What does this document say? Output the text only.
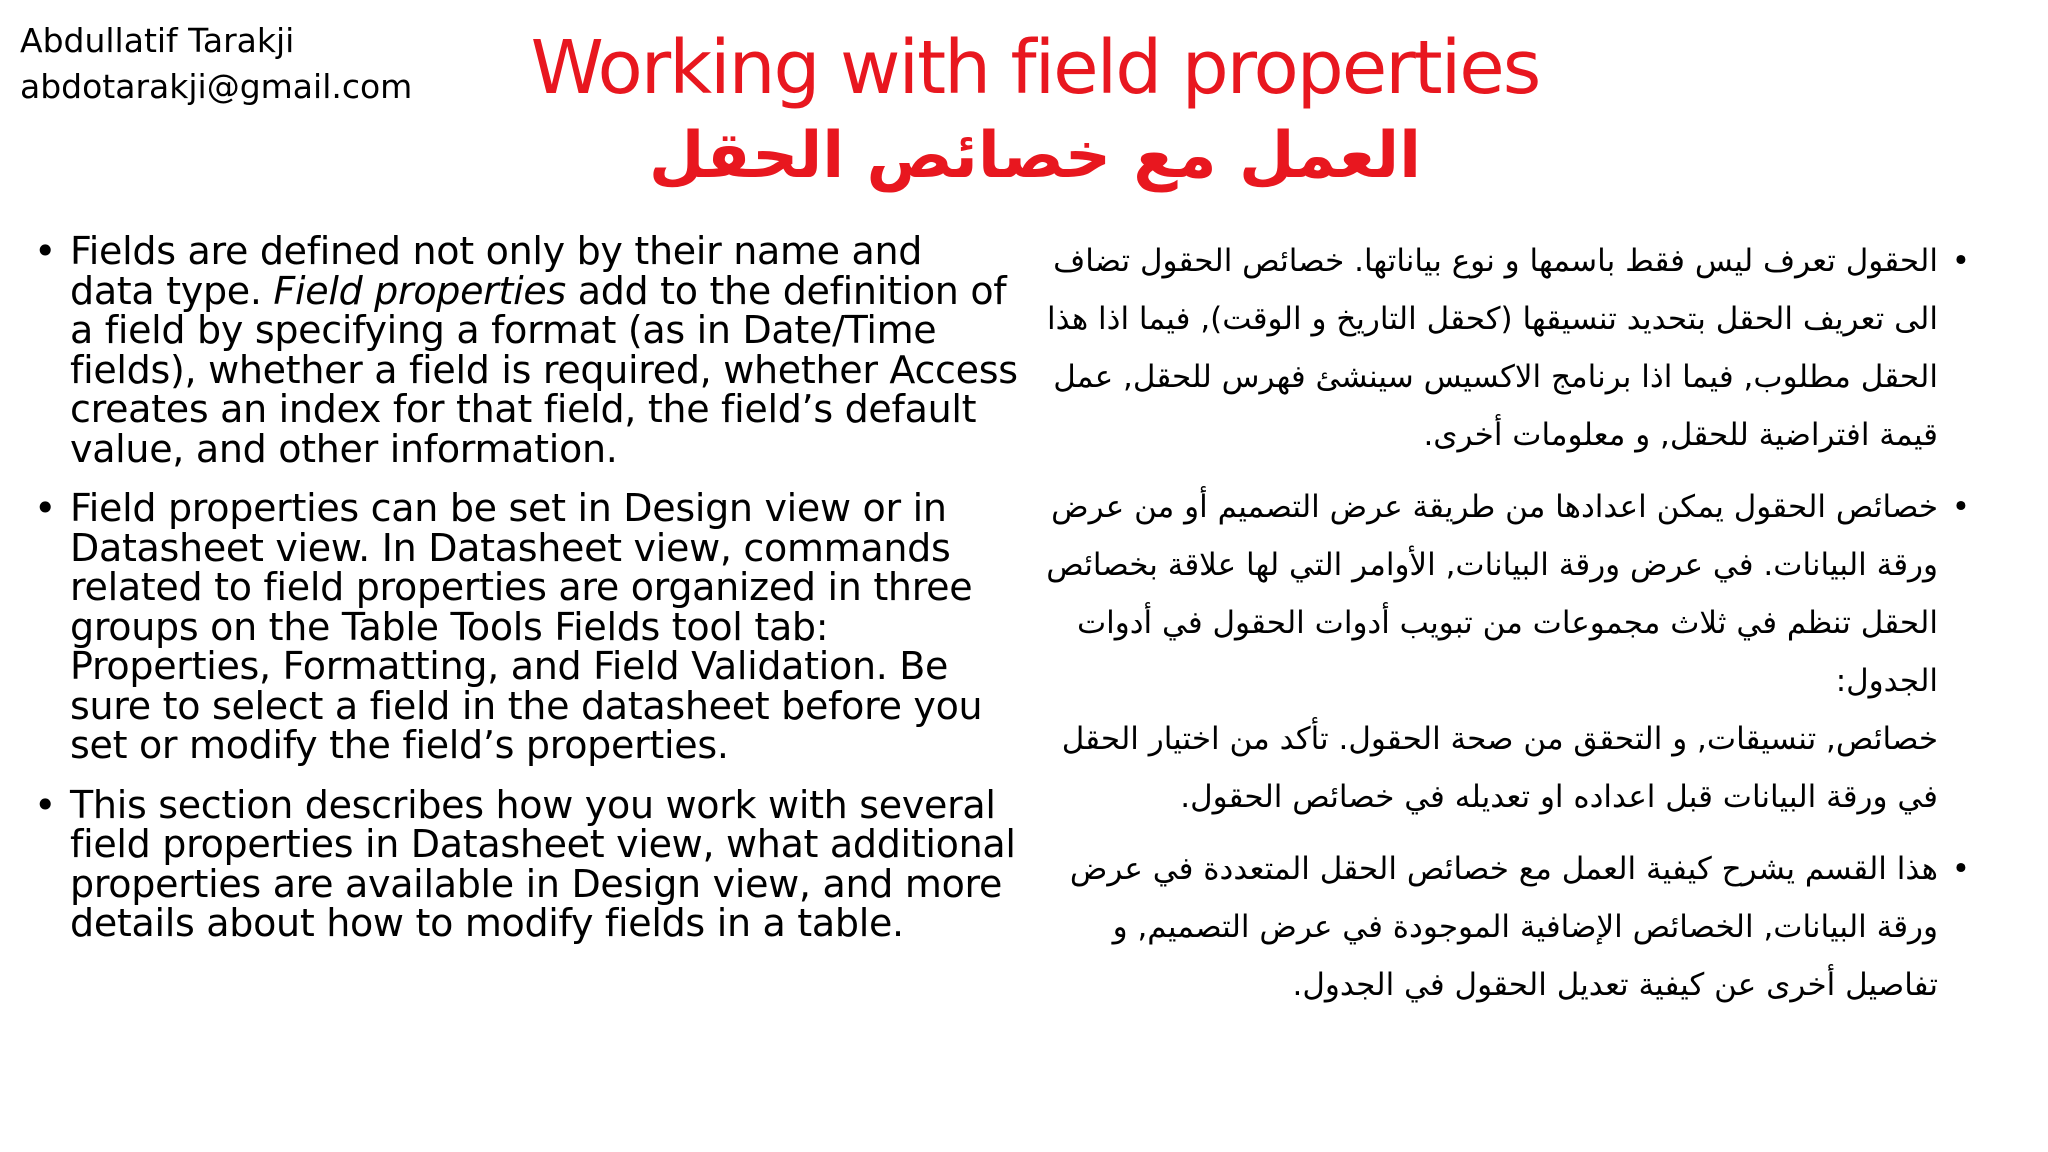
Abdullatif Tarakji
abdotarakji@gmail.com	Working with field properties
العمل مع خصائص الحقل
• Fields are defined not only by their name and data type. Field properties add to the definition of a field by specifying a format (as in Date/Time fields), whether a field is required, whether Access creates an index for that field, the field’s default value, and other information.
• Field properties can be set in Design view or in Datasheet view. In Datasheet view, commands related to field properties are organized in three groups on the Table Tools Fields tool tab: Properties, Formatting, and Field Validation. Be sure to select a field in the datasheet before you set or modify the field’s properties.
• This section describes how you work with several field properties in Datasheet view, what additional properties are available in Design view, and more details about how to modify fields in a table.
•
الحقول تعرف ليس فقط باسمها و نوع بياناتها. خصائص الحقول تضاف الى تعريف الحقل بتحديد تنسيقها (كحقل التاريخ و الوقت), فيما اذا هذا الحقل مطلوب, فيما اذا برنامج الاكسيس سينشئ فهرس للحقل, عمل قيمة افتراضية للحقل, و معلومات أخرى.
•
خصائص الحقول يمكن اعدادها من طريقة عرض التصميم أو من عرض ورقة البيانات. في عرض ورقة البيانات, الأوامر التي لها علاقة بخصائص الحقل تنظم في ثلاث مجموعات من تبويب أدوات الحقول في أدوات الجدول:
خصائص, تنسيقات, و التحقق من صحة الحقول. تأكد من اختيار الحقل في ورقة البيانات قبل اعداده او تعديله في خصائص الحقول.
•
هذا القسم يشرح كيفية العمل مع خصائص الحقل المتعددة في عرض ورقة البيانات, الخصائص الإضافية الموجودة في عرض التصميم, و تفاصيل أخرى عن كيفية تعديل الحقول في الجدول.
